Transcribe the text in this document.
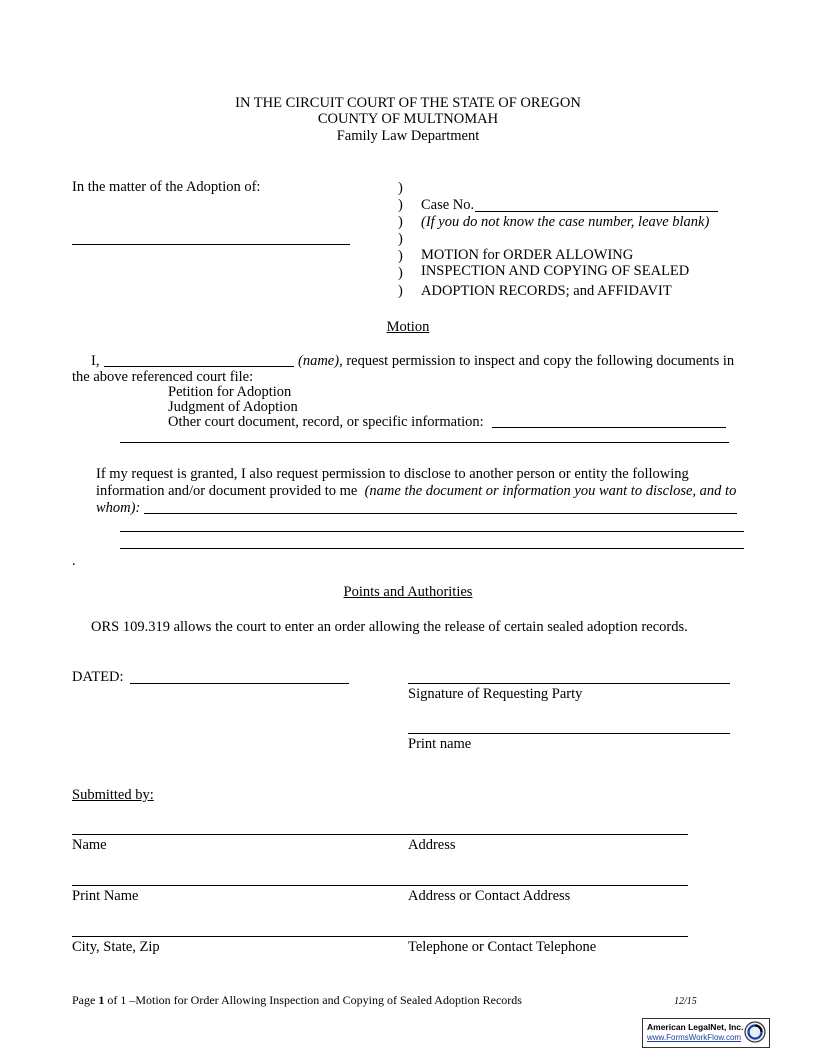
IN THE CIRCUIT COURT OF THE STATE OF OREGON
COUNTY OF MULTNOMAH
Family Law Department
In the matter of the Adoption of:	)
)
)
)
)
)
)
Case No.
(If you do not know the case number, leave blank)
MOTION for ORDER ALLOWING
INSPECTION AND COPYING OF SEALED
ADOPTION RECORDS; and AFFIDAVIT
Motion
I,	(name), request permission to inspect and copy the following documents in
the above referenced court file:
Petition for Adoption
Judgment of Adoption
Other court document, record, or specific information:
If my request is granted, I also request permission to disclose to another person or entity the following
information and/or document provided to me (name the document or information you want to disclose, and to
whom):
.
Points and Authorities
ORS 109.319 allows the court to enter an order allowing the release of certain sealed adoption records.
DATED:
Signature of Requesting Party
Print name
Submitted by:
Name	Address
Print Name	Address or Contact Address
City, State, Zip	Telephone or Contact Telephone
Page 1 of 1 –Motion for Order Allowing Inspection and Copying of Sealed Adoption Records	12/15
American LegalNet, Inc.
www.FormsWorkFlow.com
